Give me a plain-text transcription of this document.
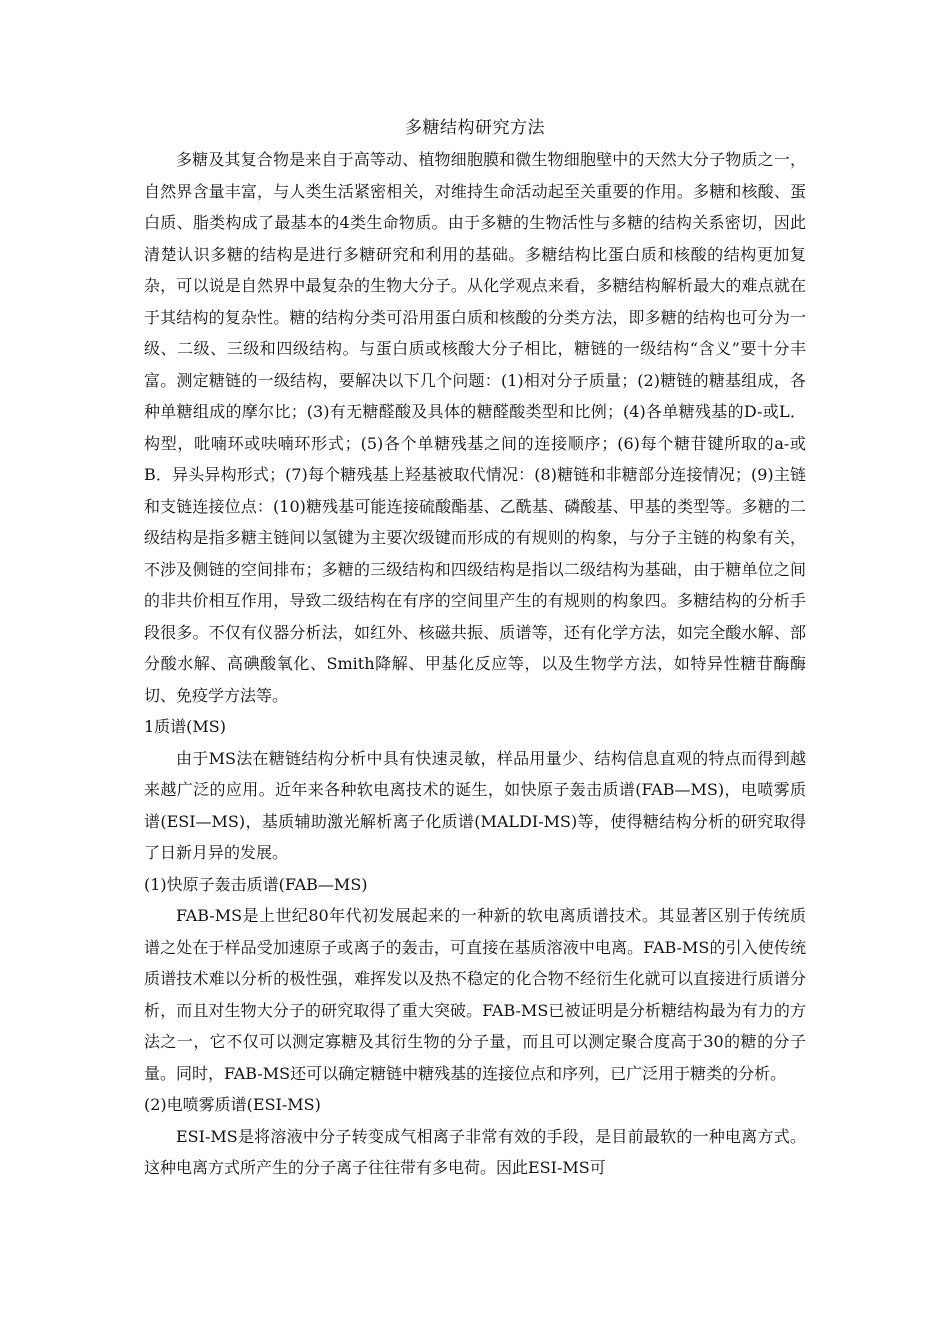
多糖结构研究方法

多糖及其复合物是来自于高等动、植物细胞膜和微生物细胞壁中的天然大分子物质之一，自然界含量丰富，与人类生活紧密相关，对维持生命活动起至关重要的作用。多糖和核酸、蛋白质、脂类构成了最基本的4类生命物质。由于多糖的生物活性与多糖的结构关系密切，因此清楚认识多糖的结构是进行多糖研究和利用的基础。多糖结构比蛋白质和核酸的结构更加复杂，可以说是自然界中最复杂的生物大分子。从化学观点来看，多糖结构解析最大的难点就在于其结构的复杂性。糖的结构分类可沿用蛋白质和核酸的分类方法，即多糖的结构也可分为一级、二级、三级和四级结构。与蛋白质或核酸大分子相比，糖链的一级结构“含义”要十分丰富。测定糖链的一级结构，要解决以下几个问题：(1)相对分子质量；(2)糖链的糖基组成，各种单糖组成的摩尔比；(3)有无糖醛酸及具体的糖醛酸类型和比例；(4)各单糖残基的D-或L．构型，吡喃环或呋喃环形式；(5)各个单糖残基之间的连接顺序；(6)每个糖苷键所取的a-或B．异头异构形式；(7)每个糖残基上羟基被取代情况：(8)糖链和非糖部分连接情况；(9)主链和支链连接位点：(10)糖残基可能连接硫酸酯基、乙酰基、磷酸基、甲基的类型等。多糖的二级结构是指多糖主链间以氢键为主要次级键而形成的有规则的构象，与分子主链的构象有关，不涉及侧链的空间排布；多糖的三级结构和四级结构是指以二级结构为基础，由于糖单位之间的非共价相互作用，导致二级结构在有序的空间里产生的有规则的构象四。多糖结构的分析手段很多。不仅有仪器分析法，如红外、核磁共振、质谱等，还有化学方法，如完全酸水解、部分酸水解、高碘酸氧化、Smith降解、甲基化反应等，以及生物学方法，如特异性糖苷酶酶切、免疫学方法等。

1质谱(MS)

由于MS法在糖链结构分析中具有快速灵敏，样品用量少、结构信息直观的特点而得到越来越广泛的应用。近年来各种软电离技术的诞生，如快原子轰击质谱(FAB—MS)，电喷雾质谱(ESI—MS)，基质辅助激光解析离子化质谱(MALDI-MS)等，使得糖结构分析的研究取得了日新月异的发展。

(1)快原子轰击质谱(FAB—MS)

FAB-MS是上世纪80年代初发展起来的一种新的软电离质谱技术。其显著区别于传统质谱之处在于样品受加速原子或离子的轰击，可直接在基质溶液中电离。FAB-MS的引入使传统质谱技术难以分析的极性强，难挥发以及热不稳定的化合物不经衍生化就可以直接进行质谱分析，而且对生物大分子的研究取得了重大突破。FAB-MS已被证明是分析糖结构最为有力的方法之一，它不仅可以测定寡糖及其衍生物的分子量，而且可以测定聚合度高于30的糖的分子量。同时，FAB-MS还可以确定糖链中糖残基的连接位点和序列，已广泛用于糖类的分析。

(2)电喷雾质谱(ESI-MS)

ESI-MS是将溶液中分子转变成气相离子非常有效的手段，是目前最软的一种电离方式。这种电离方式所产生的分子离子往往带有多电荷。因此ESI-MS可
